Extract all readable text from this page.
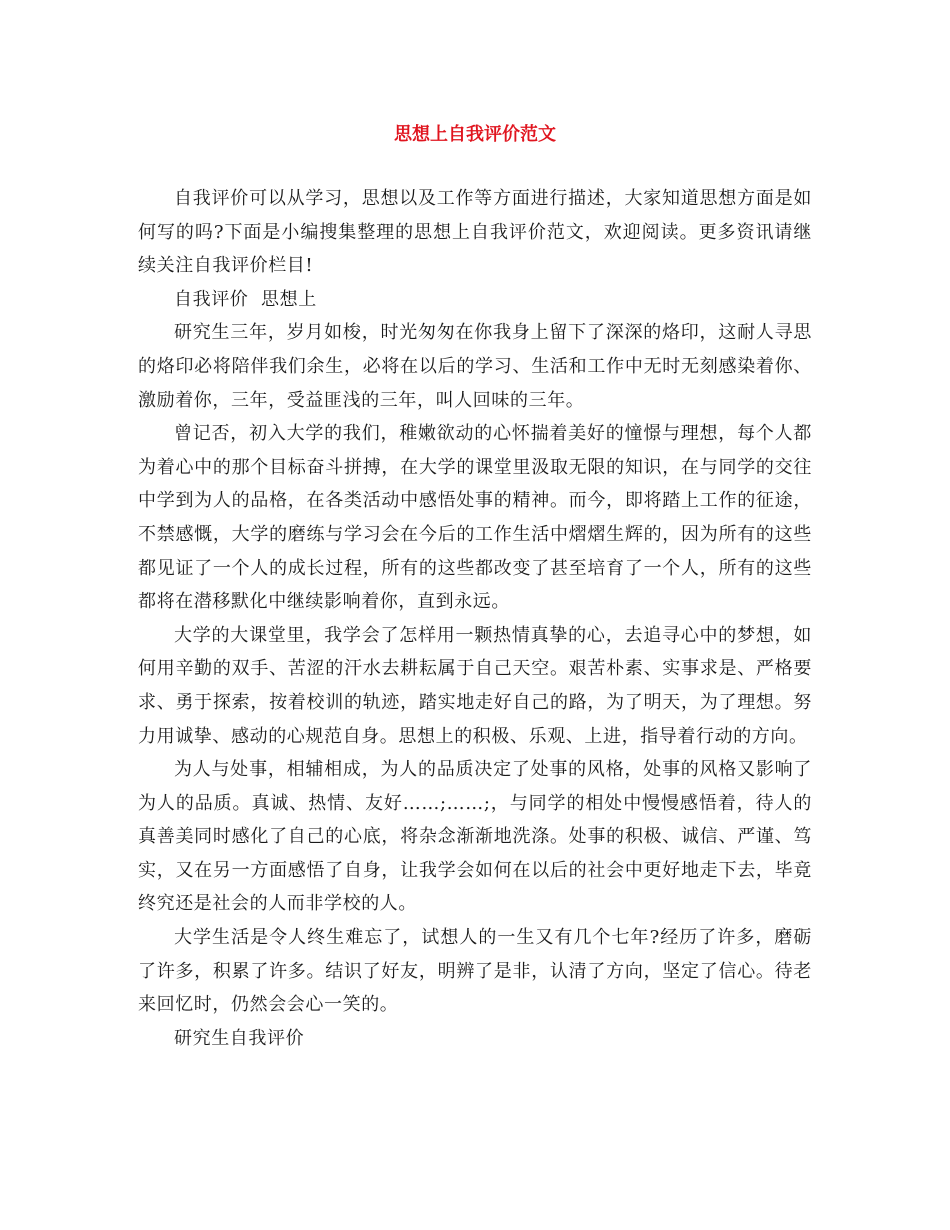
思想上自我评价范文

自我评价可以从学习，思想以及工作等方面进行描述，大家知道思想方面是如何写的吗?下面是小编搜集整理的思想上自我评价范文，欢迎阅读。更多资讯请继续关注自我评价栏目!

自我评价  思想上

研究生三年，岁月如梭，时光匆匆在你我身上留下了深深的烙印，这耐人寻思的烙印必将陪伴我们余生，必将在以后的学习、生活和工作中无时无刻感染着你、激励着你，三年，受益匪浅的三年，叫人回味的三年。

曾记否，初入大学的我们，稚嫩欲动的心怀揣着美好的憧憬与理想，每个人都为着心中的那个目标奋斗拼搏，在大学的课堂里汲取无限的知识，在与同学的交往中学到为人的品格，在各类活动中感悟处事的精神。而今，即将踏上工作的征途，不禁感慨，大学的磨练与学习会在今后的工作生活中熠熠生辉的，因为所有的这些都见证了一个人的成长过程，所有的这些都改变了甚至培育了一个人，所有的这些都将在潜移默化中继续影响着你，直到永远。

大学的大课堂里，我学会了怎样用一颗热情真挚的心，去追寻心中的梦想，如何用辛勤的双手、苦涩的汗水去耕耘属于自己天空。艰苦朴素、实事求是、严格要求、勇于探索，按着校训的轨迹，踏实地走好自己的路，为了明天，为了理想。努力用诚挚、感动的心规范自身。思想上的积极、乐观、上进，指导着行动的方向。

为人与处事，相辅相成，为人的品质决定了处事的风格，处事的风格又影响了为人的品质。真诚、热情、友好……;……;，与同学的相处中慢慢感悟着，待人的真善美同时感化了自己的心底，将杂念渐渐地洗涤。处事的积极、诚信、严谨、笃实，又在另一方面感悟了自身，让我学会如何在以后的社会中更好地走下去，毕竟终究还是社会的人而非学校的人。

大学生活是令人终生难忘了，试想人的一生又有几个七年?经历了许多，磨砺了许多，积累了许多。结识了好友，明辨了是非，认清了方向，坚定了信心。待老来回忆时，仍然会会心一笑的。

研究生自我评价
